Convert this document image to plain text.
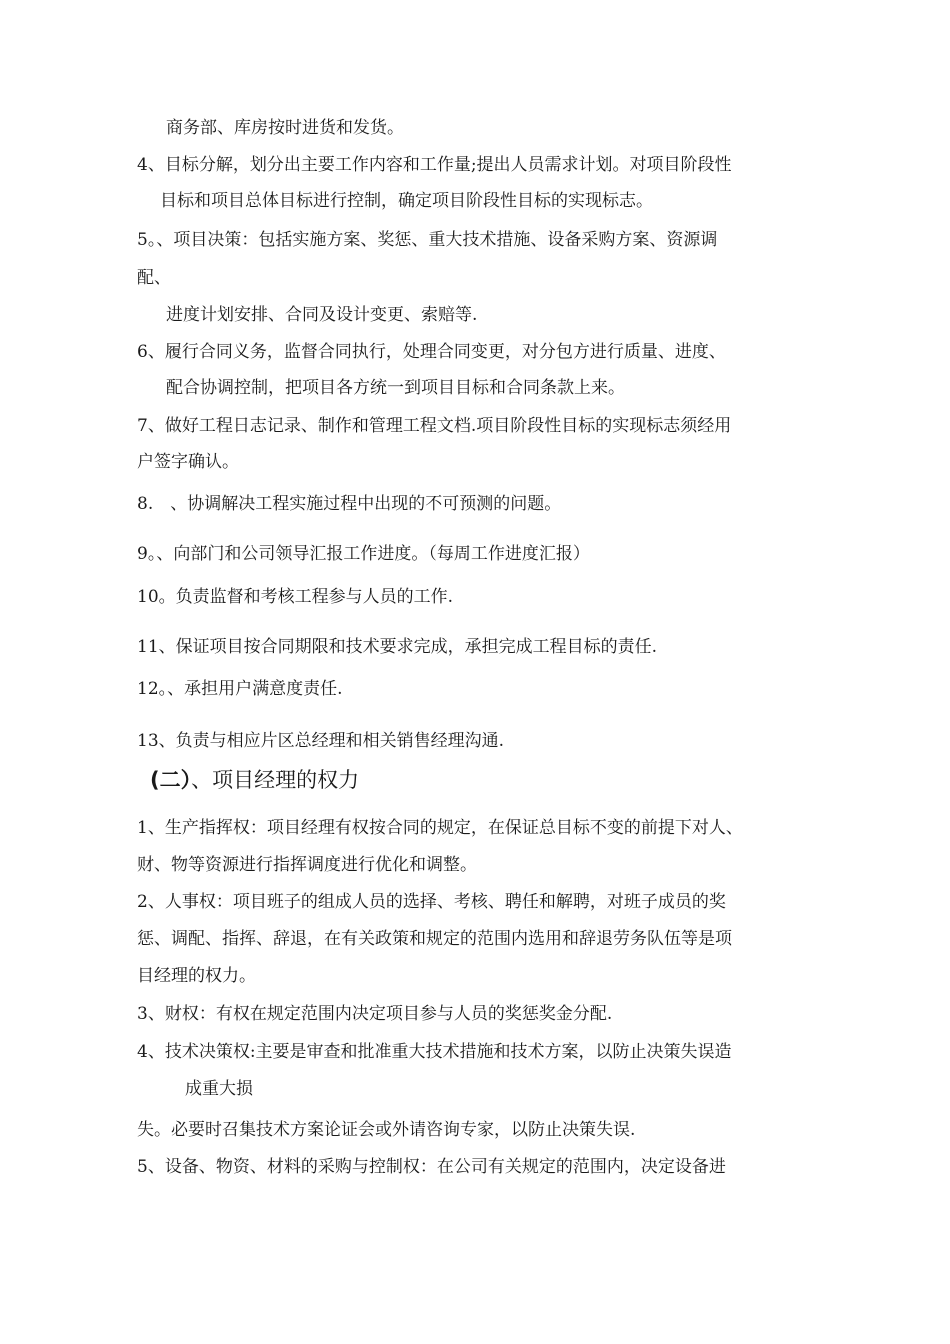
商务部、库房按时进货和发货。
4、目标分解，划分出主要工作内容和工作量;提出人员需求计划。对项目阶段性
目标和项目总体目标进行控制，确定项目阶段性目标的实现标志。
5。、项目决策：包括实施方案、奖惩、重大技术措施、设备采购方案、资源调
配、
进度计划安排、合同及设计变更、索赔等.
6、履行合同义务，监督合同执行，处理合同变更，对分包方进行质量、进度、
配合协调控制，把项目各方统一到项目目标和合同条款上来。
7、做好工程日志记录、制作和管理工程文档.项目阶段性目标的实现标志须经用
户签字确认。
8.　、协调解决工程实施过程中出现的不可预测的问题。
9。、向部门和公司领导汇报工作进度。（每周工作进度汇报）
10。负责监督和考核工程参与人员的工作.
11、保证项目按合同期限和技术要求完成，承担完成工程目标的责任.
12。、承担用户满意度责任.
13、负责与相应片区总经理和相关销售经理沟通.
(二）、项目经理的权力
1、生产指挥权：项目经理有权按合同的规定，在保证总目标不变的前提下对人、
财、物等资源进行指挥调度进行优化和调整。
2、人事权：项目班子的组成人员的选择、考核、聘任和解聘，对班子成员的奖
惩、调配、指挥、辞退，在有关政策和规定的范围内选用和辞退劳务队伍等是项
目经理的权力。
3、财权：有权在规定范围内决定项目参与人员的奖惩奖金分配.
4、技术决策权:主要是审查和批准重大技术措施和技术方案，以防止决策失误造
成重大损
失。必要时召集技术方案论证会或外请咨询专家，以防止决策失误.
5、设备、物资、材料的采购与控制权：在公司有关规定的范围内，决定设备进
